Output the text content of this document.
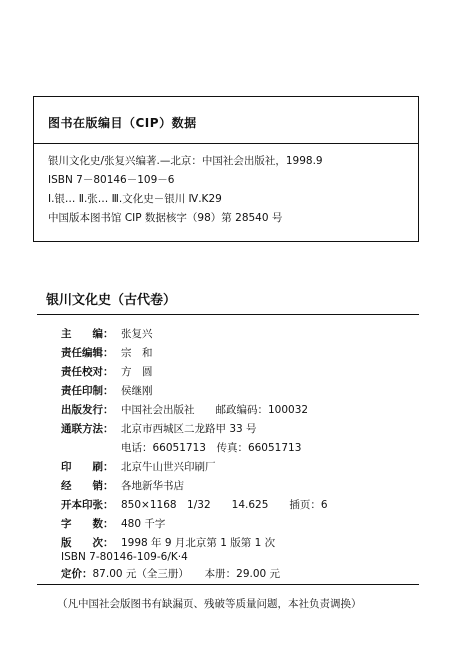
图书在版编目（CIP）数据
银川文化史/张复兴编著.—北京：中国社会出版社，1998.9
ISBN 7－80146－109－6
Ⅰ.银… Ⅱ.张… Ⅲ.文化史－银川 Ⅳ.K29
中国版本图书馆 CIP 数据核字（98）第 28540 号
银川文化史（古代卷）
主　　编： 张复兴
责任编辑： 宗　和
责任校对： 方　圆
责任印制： 侯继刚
出版发行： 中国社会出版社　　邮政编码：100032
通联方法： 北京市西城区二龙路甲 33 号
电话：66051713　传真：66051713
印　　刷： 北京牛山世兴印刷厂
经　　销： 各地新华书店
开本印张： 850×1168　1/32　　14.625　　插页：6
字　　数： 480 千字
版　　次： 1998 年 9 月北京第 1 版第 1 次
ISBN 7-80146-109-6/K·4
定价： 87.00 元（全三册）　　本册：29.00 元
（凡中国社会版图书有缺漏页、残破等质量问题，本社负责调换）
